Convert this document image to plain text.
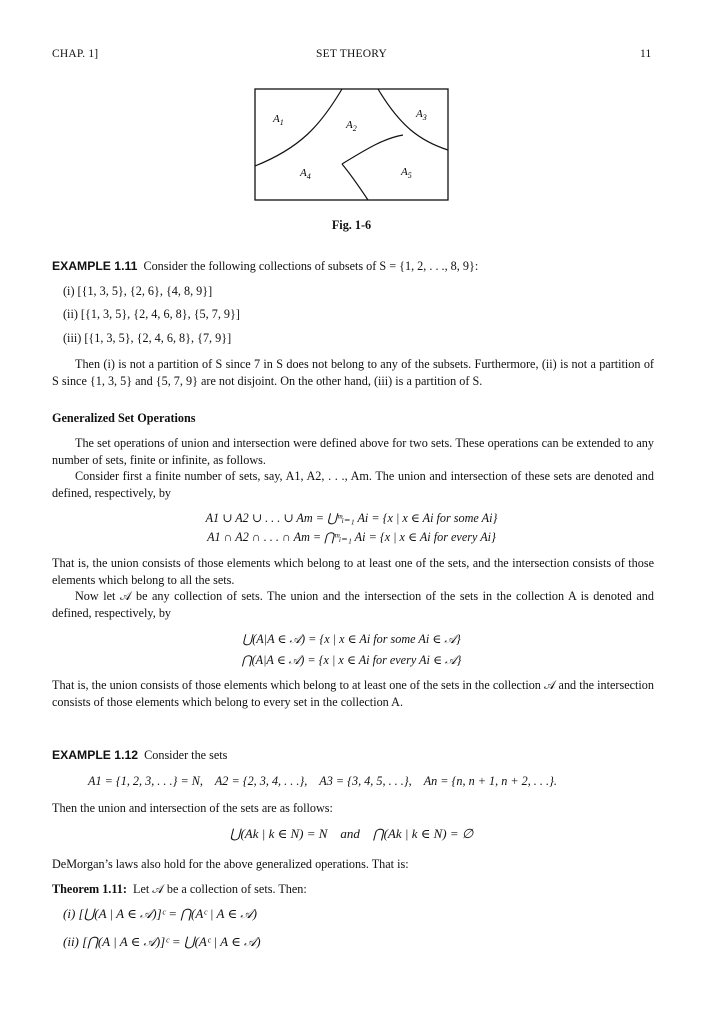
CHAP. 1]	SET THEORY	11
$A_1$	$A_2$
$A_3$
$A_4$	$A_5$
Fig. 1-6
EXAMPLE 1.11 Consider the following collections of subsets of S = {1, 2, . . ., 8, 9}:
(i) [{1, 3, 5}, {2, 6}, {4, 8, 9}]
(ii) [{1, 3, 5}, {2, 4, 6, 8}, {5, 7, 9}]
(iii) [{1, 3, 5}, {2, 4, 6, 8}, {7, 9}]
Then (i) is not a partition of S since 7 in S does not belong to any of the subsets. Furthermore, (ii) is not a partition of S since {1, 3, 5} and {5, 7, 9} are not disjoint. On the other hand, (iii) is a partition of S.
Generalized Set Operations
The set operations of union and intersection were defined above for two sets. These operations can be extended to any number of sets, finite or infinite, as follows.
Consider first a finite number of sets, say, A1, A2, . . ., Am. The union and intersection of these sets are denoted and defined, respectively, by
A1 ∪ A2 ∪ . . . ∪ Am = ⋃ᵐᵢ₌₁ Ai = {x | x ∈ Ai for some Ai}
A1 ∩ A2 ∩ . . . ∩ Am = ⋂ᵐᵢ₌₁ Ai = {x | x ∈ Ai for every Ai}
That is, the union consists of those elements which belong to at least one of the sets, and the intersection consists of those elements which belong to all the sets.
Now let 𝒜 be any collection of sets. The union and the intersection of the sets in the collection A is denoted and defined, respectively, by
⋃(A|A ∈ 𝒜) = {x | x ∈ Ai for some Ai ∈ 𝒜}
⋂(A|A ∈ 𝒜) = {x | x ∈ Ai for every Ai ∈ 𝒜}
That is, the union consists of those elements which belong to at least one of the sets in the collection 𝒜 and the intersection consists of those elements which belong to every set in the collection A.
EXAMPLE 1.12 Consider the sets
A1 = {1, 2, 3, . . .} = N,    A2 = {2, 3, 4, . . .},    A3 = {3, 4, 5, . . .},    An = {n, n + 1, n + 2, . . .}.
Then the union and intersection of the sets are as follows:
⋃(Ak | k ∈ N) = N    and    ⋂(Ak | k ∈ N) = ∅
DeMorgan’s laws also hold for the above generalized operations. That is:
Theorem 1.11: Let 𝒜 be a collection of sets. Then:
(i) [⋃(A | A ∈ 𝒜)]ᶜ = ⋂(Aᶜ | A ∈ 𝒜)
(ii) [⋂(A | A ∈ 𝒜)]ᶜ = ⋃(Aᶜ | A ∈ 𝒜)
